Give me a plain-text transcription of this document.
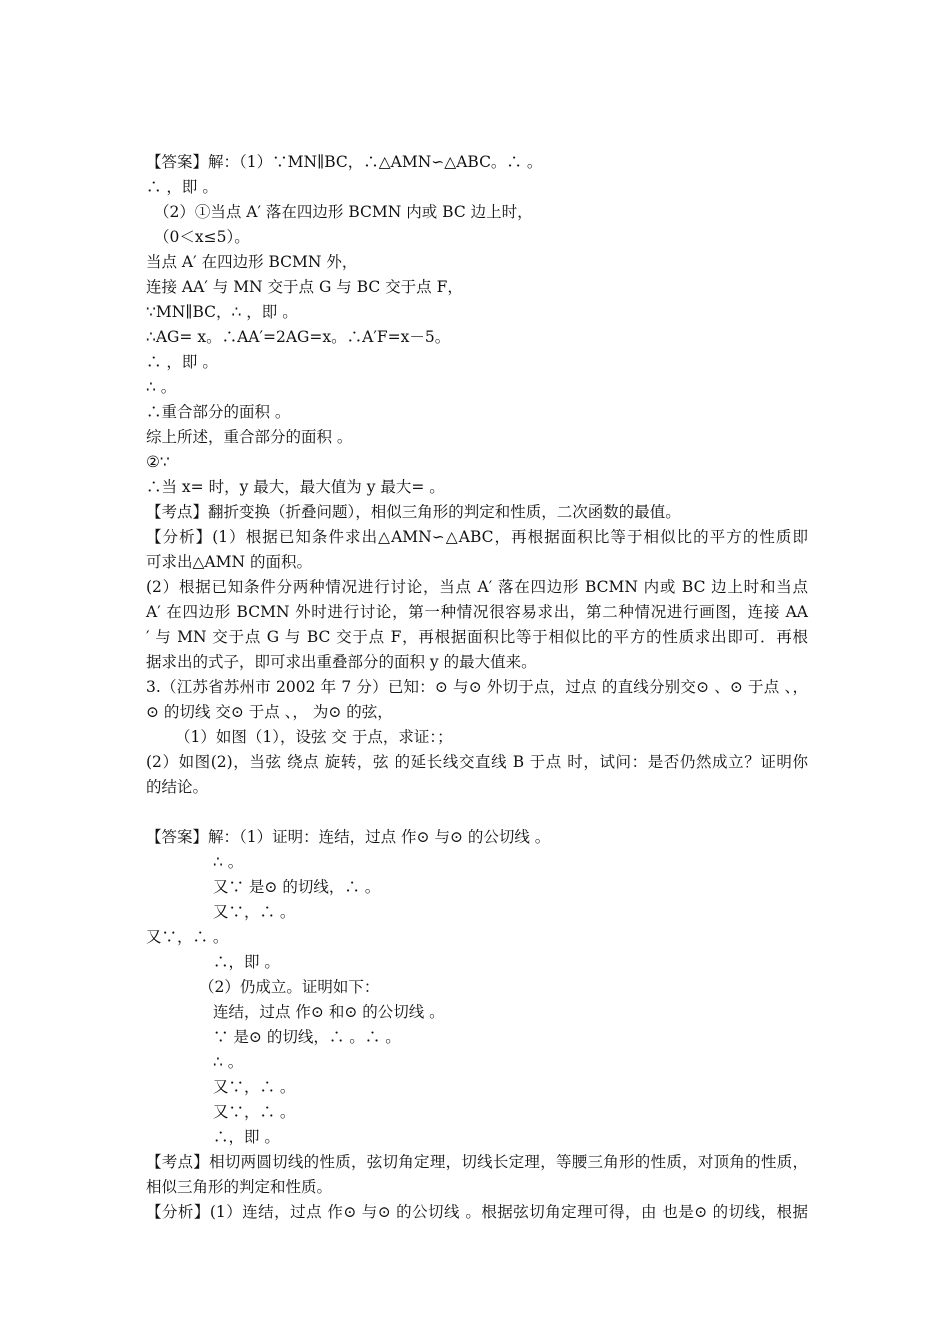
【答案】解：（1）∵MN∥BC，∴△AMN∽△ABC。∴ 。
∴ ，即 。
（2）①当点 A′ 落在四边形 BCMN 内或 BC 边上时，
（0＜x≤5）。
当点 A′ 在四边形 BCMN 外，
连接 AA′ 与 MN 交于点 G 与 BC 交于点 F，
∵MN∥BC，∴ ，即 。
∴AG= x。∴AA′=2AG=x。∴A′F=x－5。
∴ ，即 。
∴ 。
∴重合部分的面积 。
综上所述，重合部分的面积 。
②∵
∴当 x= 时，y 最大，最大值为 y 最大= 。
【考点】翻折变换（折叠问题），相似三角形的判定和性质，二次函数的最值。
【分析】(1）根据已知条件求出△AMN∽△ABC，再根据面积比等于相似比的平方的性质即
可求出△AMN 的面积。
(2）根据已知条件分两种情况进行讨论，当点 A′ 落在四边形 BCMN 内或 BC 边上时和当点
A′ 在四边形 BCMN 外时进行讨论，第一种情况很容易求出，第二种情况进行画图，连接 AA
′ 与 MN 交于点 G 与 BC 交于点 F，再根据面积比等于相似比的平方的性质求出即可．再根
据求出的式子，即可求出重叠部分的面积 y 的最大值来。
3.（江苏省苏州市 2002 年 7 分）已知：⊙ 与⊙ 外切于点，过点 的直线分别交⊙ 、⊙ 于点 、，
⊙ 的切线 交⊙ 于点 、， 为⊙ 的弦，
（1）如图（1），设弦 交 于点，求证：；
(2）如图(2)，当弦 绕点 旋转，弦 的延长线交直线 B 于点 时，试问：是否仍然成立？证明你
的结论。
【答案】解：（1）证明：连结，过点 作⊙ 与⊙ 的公切线 。
∴ 。
又∵ 是⊙ 的切线，∴ 。
又∵，∴ 。
又∵，∴ 。
∴，即 。
（2）仍成立。证明如下：
连结，过点 作⊙ 和⊙ 的公切线 。
∵ 是⊙ 的切线，∴ 。∴ 。
∴ 。
又∵，∴ 。
又∵，∴ 。
∴，即 。
【考点】相切两圆切线的性质，弦切角定理，切线长定理，等腰三角形的性质，对顶角的性质，
相似三角形的判定和性质。
【分析】(1）连结，过点 作⊙ 与⊙ 的公切线 。根据弦切角定理可得，由 也是⊙ 的切线，根据
